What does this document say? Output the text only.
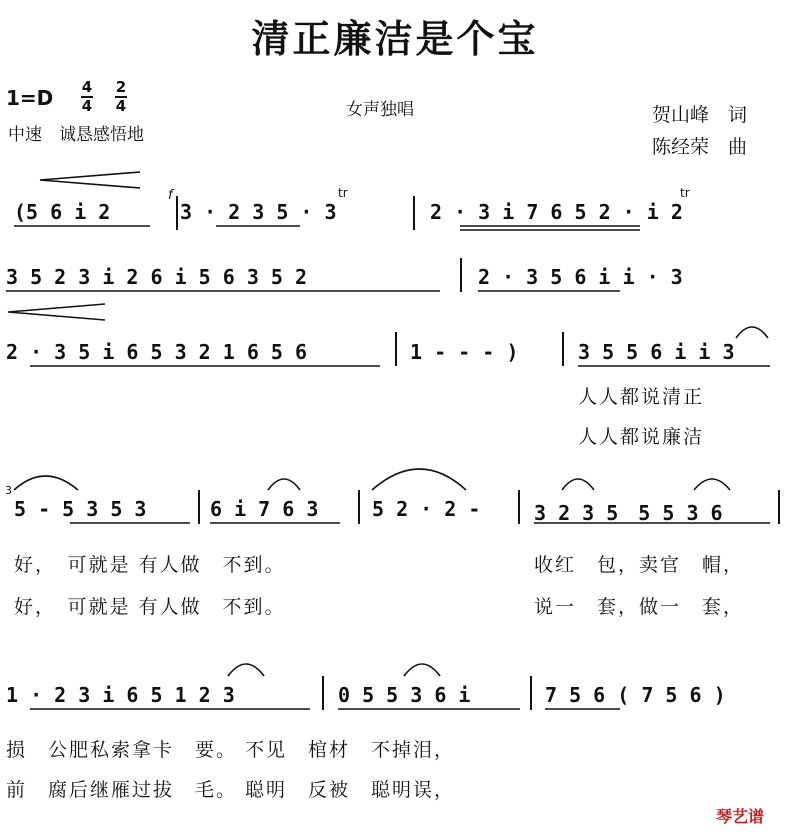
清正廉洁是个宝
1=D 4
4
2
4
中速　诚恳感悟地
女声独唱	贺山峰　词
陈经荣　曲
(5 6 i 2	3 · 2 3 5 · 3	2 · 3 i 7 6 5 2 · i 2
f	tr	tr
3 5 2 3 i 2 6 i 5 6 3 5 2	2 · 3 5 6 i i · 3
2 · 3 5 i 6 5 3 2 1 6 5 6	1 - - - )	3 5 5 6 i i 3
人人都说清正
人人都说廉洁
3
5 - 5 3 5 3	6 i 7 6 3	5 2 · 2 -	3 2 3 5　5 5 3 6
好，　可就是 有人做　不到。	收红　包，卖官　帽，
好，　可就是 有人做　不到。	说一　套，做一　套，
1 · 2 3 i 6 5 1 2 3	0 5 5 3 6 i	7 5 6 ( 7 5 6 )
损　公肥私索拿卡　要。 不见　棺材　不掉泪，
前　腐后继雁过拔　毛。 聪明　反被　聪明误，
琴艺谱
